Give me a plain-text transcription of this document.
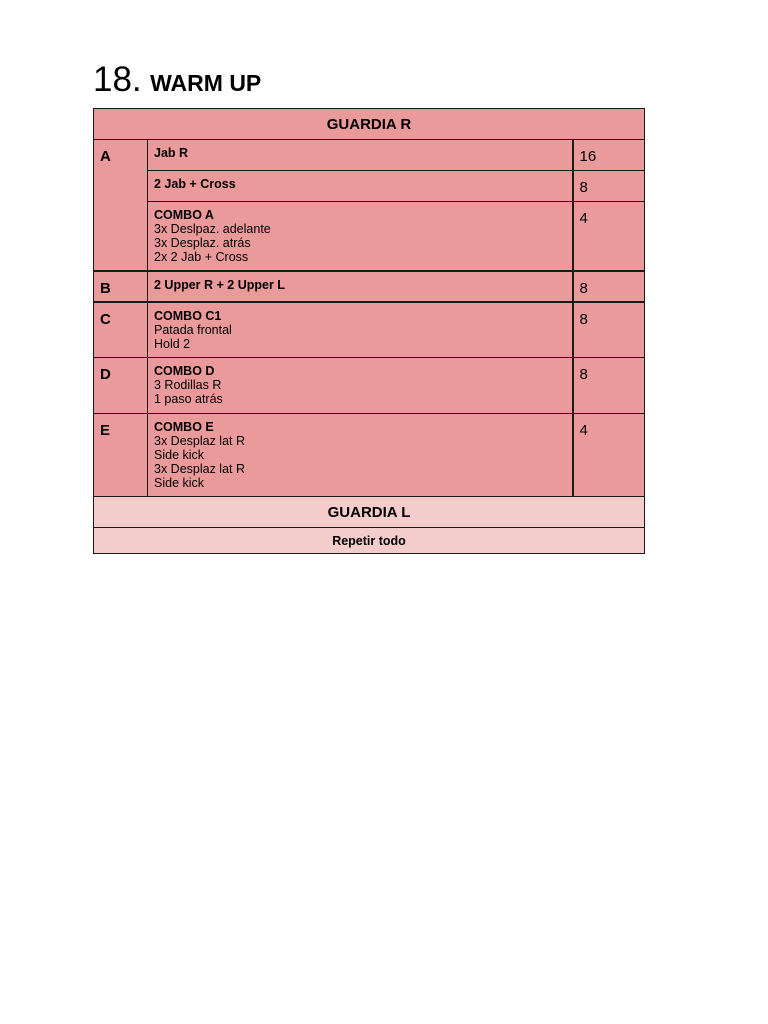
18. WARM UP
GUARDIA R		
A	Jab R	16

	2 Jab + Cross	8

	COMBO A
3x Deslpaz. adelante
3x Desplaz. atrás
2x 2 Jab + Cross	4
B	2 Upper R + 2 Upper L	8
C	COMBO C1
Patada frontal
Hold 2	8
D	COMBO D
3 Rodillas R
1 paso atrás	8
E	COMBO E
3x Desplaz lat R
Side kick
3x Desplaz lat R
Side kick	4
GUARDIA L		
Repetir todo		
